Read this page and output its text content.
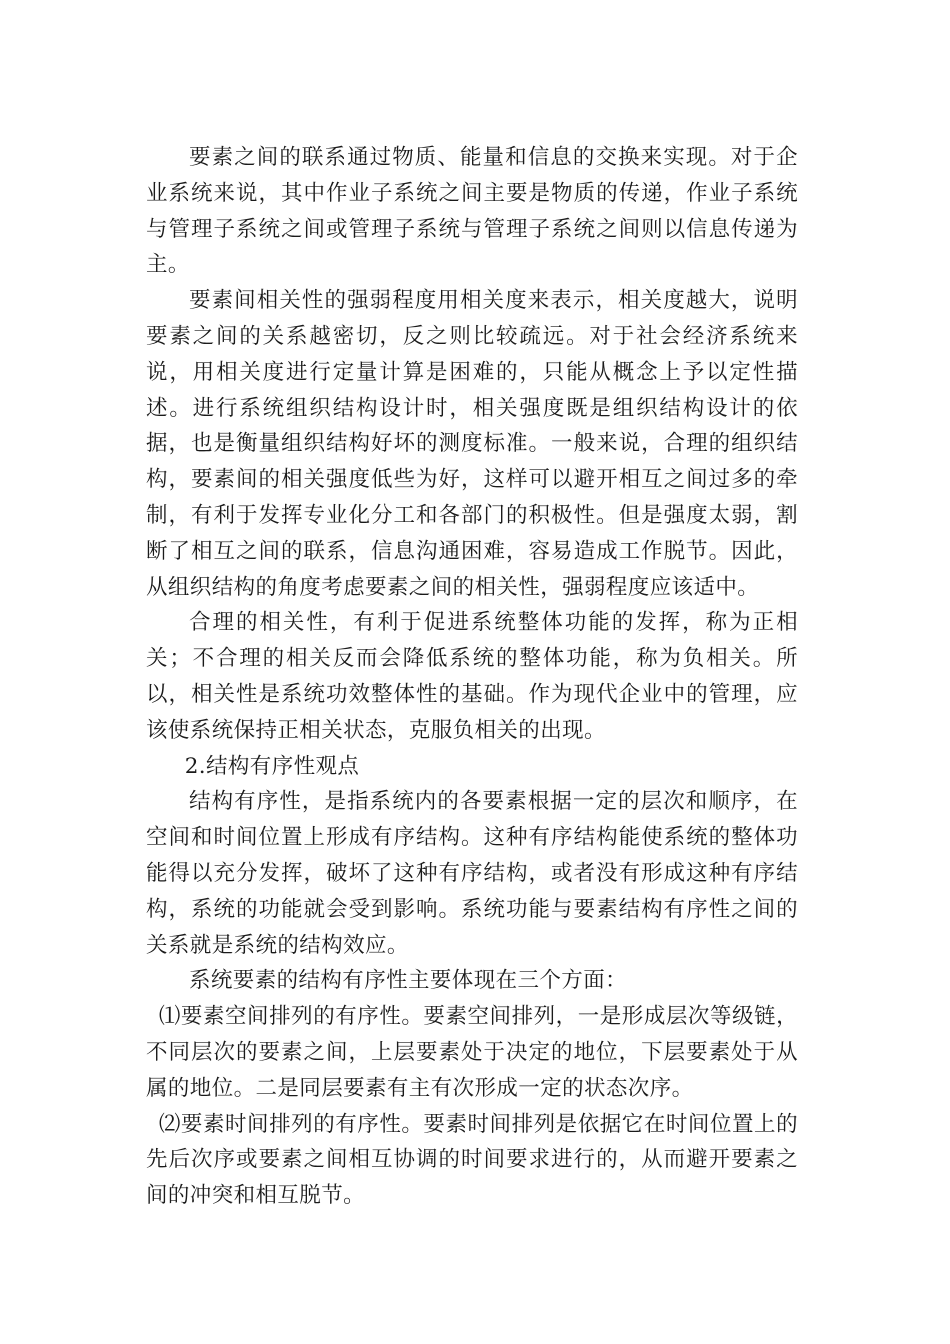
要素之间的联系通过物质、能量和信息的交换来实现。对于企业系统来说，其中作业子系统之间主要是物质的传递，作业子系统与管理子系统之间或管理子系统与管理子系统之间则以信息传递为主。

要素间相关性的强弱程度用相关度来表示，相关度越大，说明要素之间的关系越密切，反之则比较疏远。对于社会经济系统来说，用相关度进行定量计算是困难的，只能从概念上予以定性描述。进行系统组织结构设计时，相关强度既是组织结构设计的依据，也是衡量组织结构好坏的测度标准。一般来说，合理的组织结构，要素间的相关强度低些为好，这样可以避开相互之间过多的牵制，有利于发挥专业化分工和各部门的积极性。但是强度太弱，割断了相互之间的联系，信息沟通困难，容易造成工作脱节。因此，从组织结构的角度考虑要素之间的相关性，强弱程度应该适中。

合理的相关性，有利于促进系统整体功能的发挥，称为正相关；不合理的相关反而会降低系统的整体功能，称为负相关。所以，相关性是系统功效整体性的基础。作为现代企业中的管理，应该使系统保持正相关状态，克服负相关的出现。

2.结构有序性观点

结构有序性，是指系统内的各要素根据一定的层次和顺序，在空间和时间位置上形成有序结构。这种有序结构能使系统的整体功能得以充分发挥，破坏了这种有序结构，或者没有形成这种有序结构，系统的功能就会受到影响。系统功能与要素结构有序性之间的关系就是系统的结构效应。

系统要素的结构有序性主要体现在三个方面：

⑴要素空间排列的有序性。要素空间排列，一是形成层次等级链，不同层次的要素之间，上层要素处于决定的地位，下层要素处于从属的地位。二是同层要素有主有次形成一定的状态次序。

⑵要素时间排列的有序性。要素时间排列是依据它在时间位置上的先后次序或要素之间相互协调的时间要求进行的，从而避开要素之间的冲突和相互脱节。
